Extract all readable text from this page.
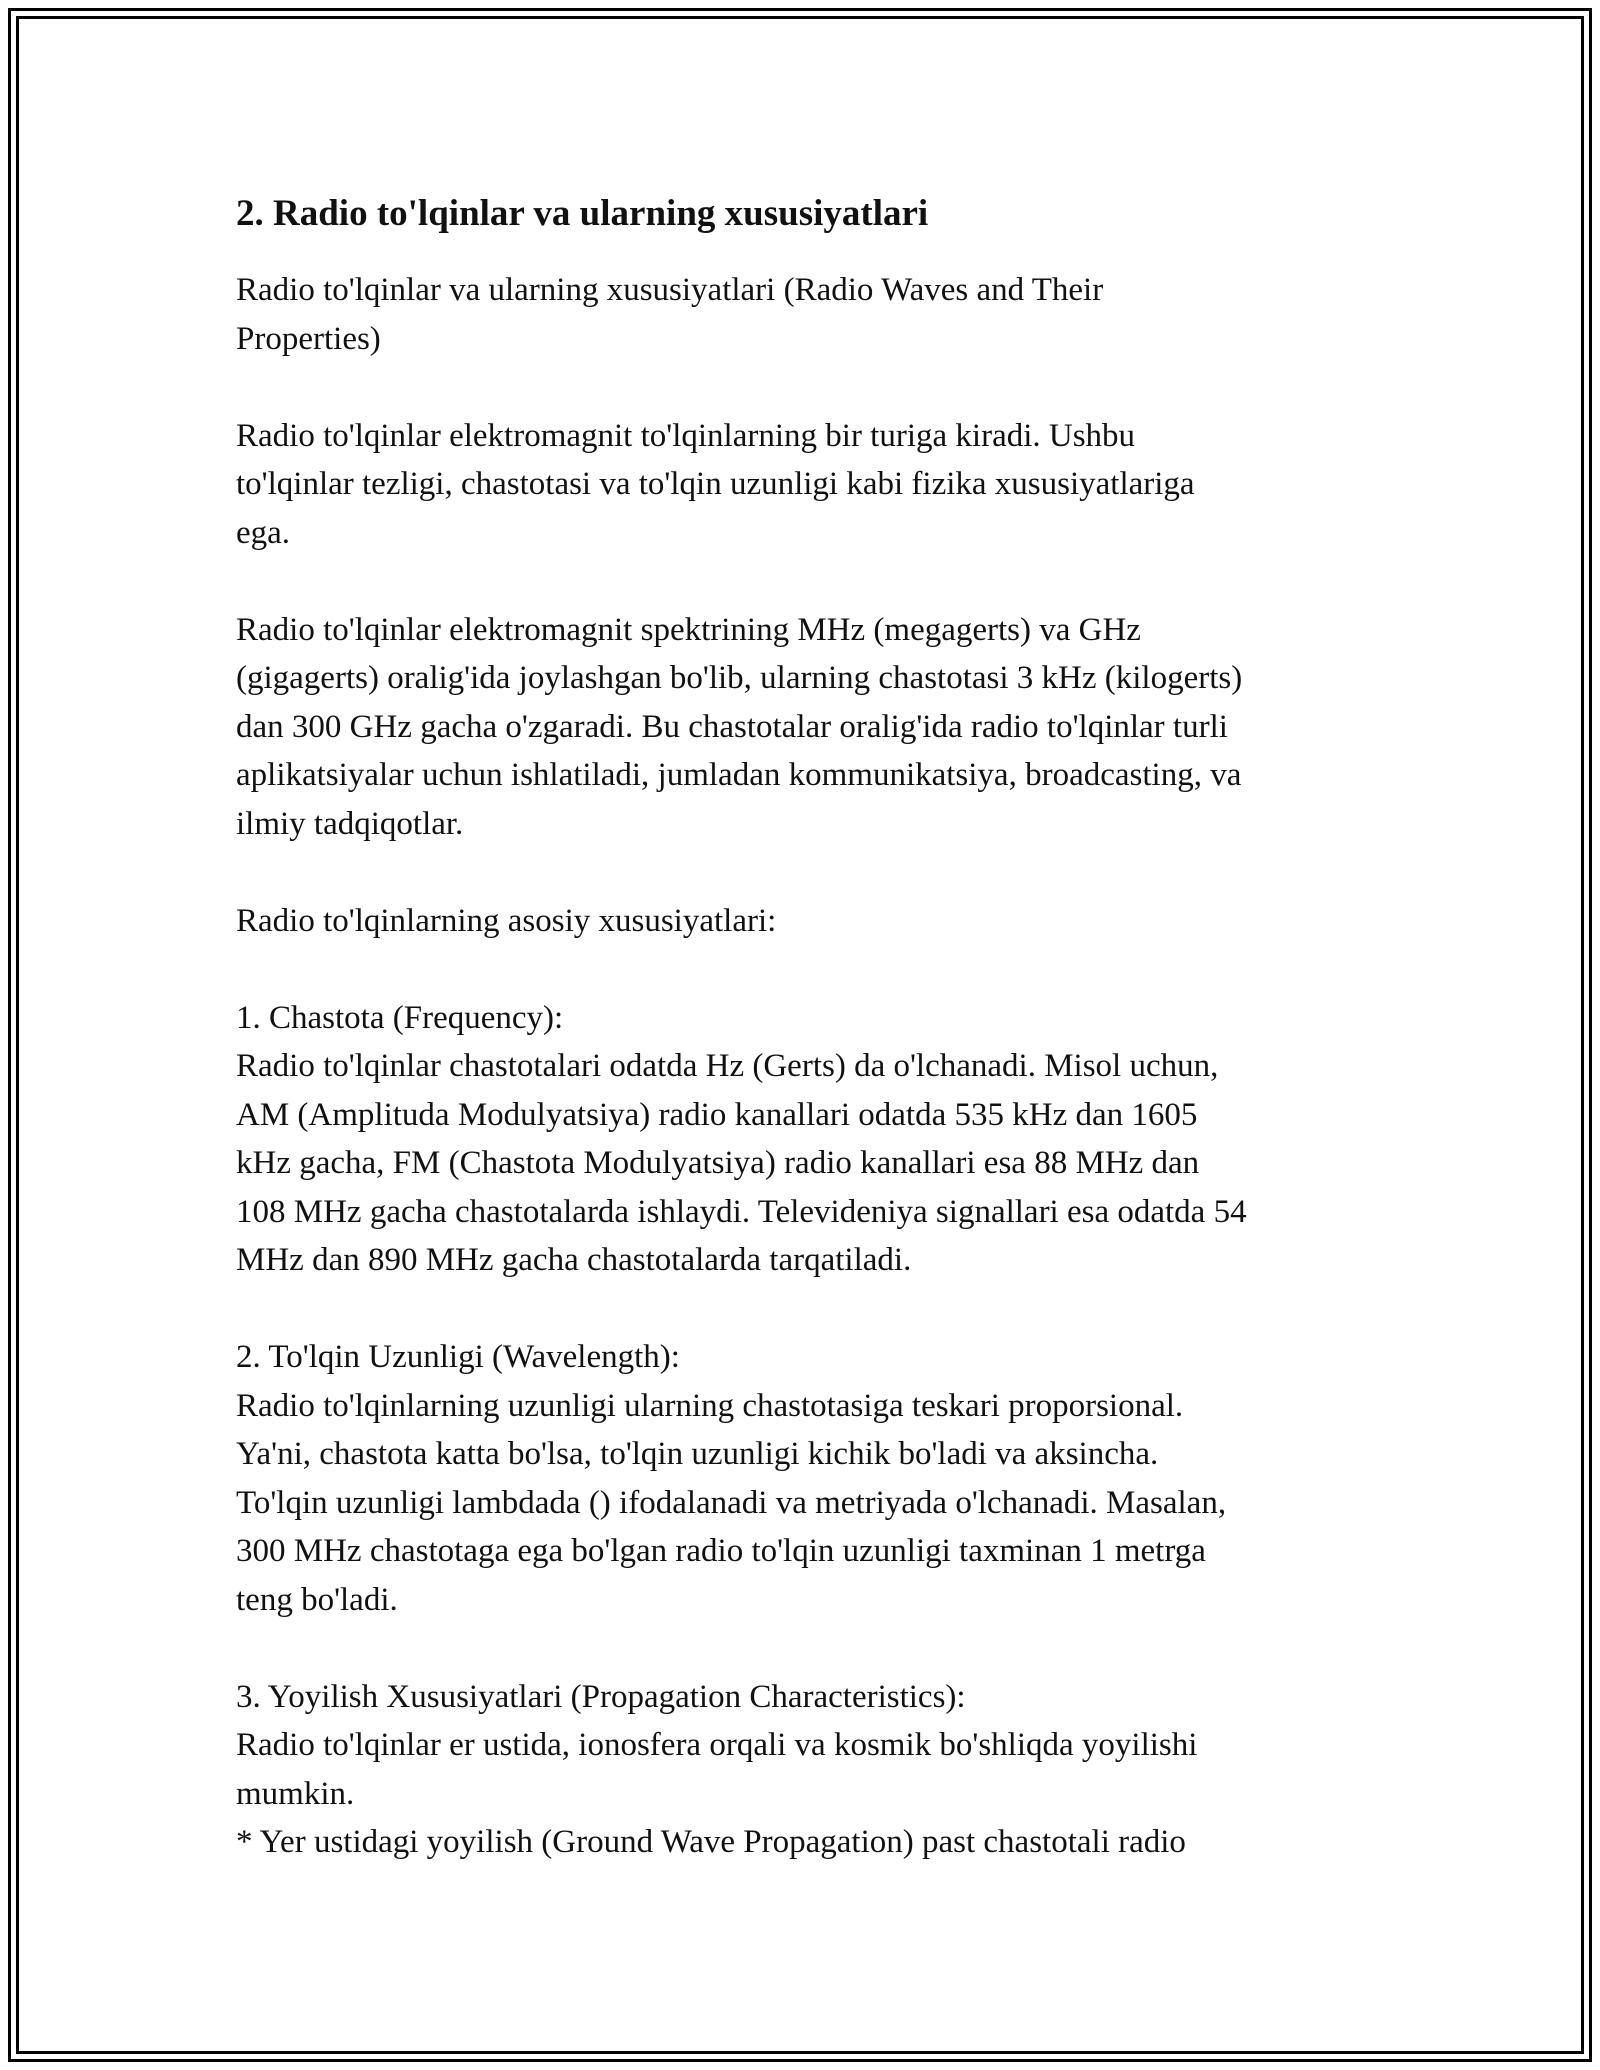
2. Radio to'lqinlar va ularning xususiyatlari

Radio to'lqinlar va ularning xususiyatlari (Radio Waves and Their
Properties)

Radio to'lqinlar elektromagnit to'lqinlarning bir turiga kiradi. Ushbu
to'lqinlar tezligi, chastotasi va to'lqin uzunligi kabi fizika xususiyatlariga
ega.

Radio to'lqinlar elektromagnit spektrining MHz (megagerts) va GHz
(gigagerts) oralig'ida joylashgan bo'lib, ularning chastotasi 3 kHz (kilogerts)
dan 300 GHz gacha o'zgaradi. Bu chastotalar oralig'ida radio to'lqinlar turli
aplikatsiyalar uchun ishlatiladi, jumladan kommunikatsiya, broadcasting, va
ilmiy tadqiqotlar.

Radio to'lqinlarning asosiy xususiyatlari:

1. Chastota (Frequency):
Radio to'lqinlar chastotalari odatda Hz (Gerts) da o'lchanadi. Misol uchun,
AM (Amplituda Modulyatsiya) radio kanallari odatda 535 kHz dan 1605
kHz gacha, FM (Chastota Modulyatsiya) radio kanallari esa 88 MHz dan
108 MHz gacha chastotalarda ishlaydi. Televideniya signallari esa odatda 54
MHz dan 890 MHz gacha chastotalarda tarqatiladi.

2. To'lqin Uzunligi (Wavelength):
Radio to'lqinlarning uzunligi ularning chastotasiga teskari proporsional.
Ya'ni, chastota katta bo'lsa, to'lqin uzunligi kichik bo'ladi va aksincha.
To'lqin uzunligi lambdada () ifodalanadi va metriyada o'lchanadi. Masalan,
300 MHz chastotaga ega bo'lgan radio to'lqin uzunligi taxminan 1 metrga
teng bo'ladi.

3. Yoyilish Xususiyatlari (Propagation Characteristics):
Radio to'lqinlar er ustida, ionosfera orqali va kosmik bo'shliqda yoyilishi
mumkin.
* Yer ustidagi yoyilish (Ground Wave Propagation) past chastotali radio
